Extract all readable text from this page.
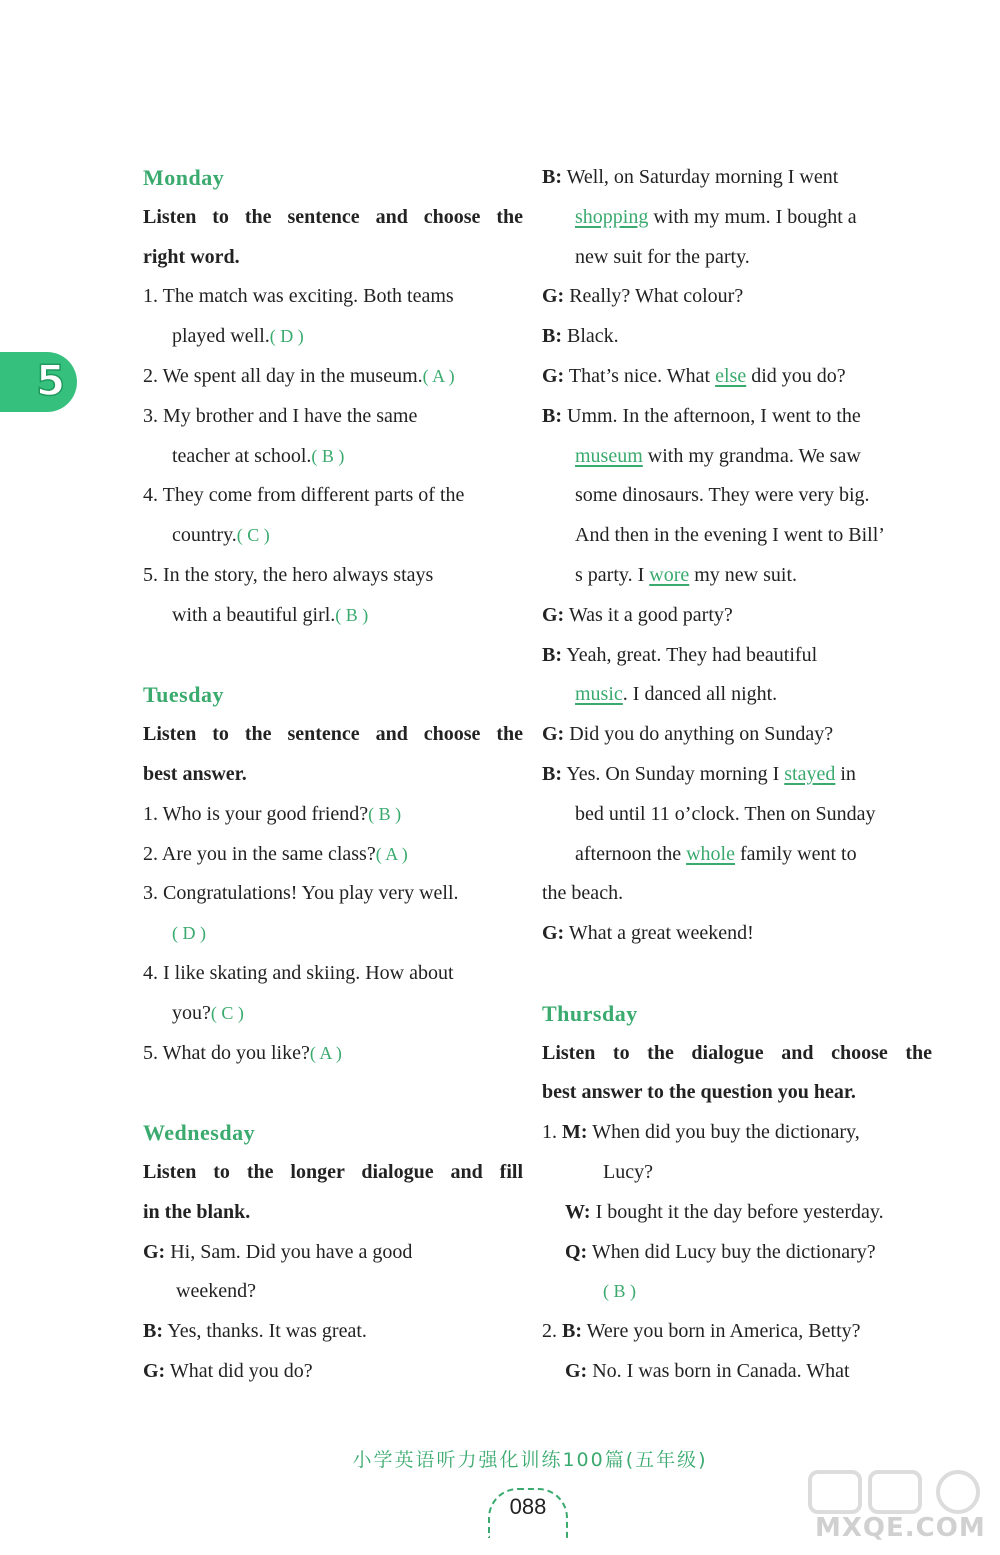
5
Monday
Listen to the sentence and choose the
right word.
1. The match was exciting. Both teams
played well.( D )
2. We spent all day in the museum.( A )
3. My brother and I have the same
teacher at school.( B )
4. They come from different parts of the
country.( C )
5. In the story, the hero always stays
with a beautiful girl.( B )
Tuesday
Listen to the sentence and choose the
best answer.
1. Who is your good friend?( B )
2. Are you in the same class?( A )
3. Congratulations! You play very well.
( D )
4. I like skating and skiing. How about
you?( C )
5. What do you like?( A )
Wednesday
Listen to the longer dialogue and fill
in the blank.
G: Hi, Sam. Did you have a good
weekend?
B: Yes, thanks. It was great.
G: What did you do?
B: Well, on Saturday morning I went
shopping with my mum. I bought a
new suit for the party.
G: Really? What colour?
B: Black.
G: That’s nice. What else did you do?
B: Umm. In the afternoon, I went to the
museum with my grandma. We saw
some dinosaurs. They were very big.
And then in the evening I went to Bill’
s party. I wore my new suit.
G: Was it a good party?
B: Yeah, great. They had beautiful
music. I danced all night.
G: Did you do anything on Sunday?
B: Yes. On Sunday morning I stayed in
bed until 11 o’clock. Then on Sunday
afternoon the whole family went to
the beach.
G: What a great weekend!
Thursday
Listen to the dialogue and choose the
best answer to the question you hear.
1. M: When did you buy the dictionary,
Lucy?
W: I bought it the day before yesterday.
Q: When did Lucy buy the dictionary?
( B )
2. B: Were you born in America, Betty?
G: No. I was born in Canada. What
小学英语听力强化训练100篇(五年级)
088
MXQE.COM
